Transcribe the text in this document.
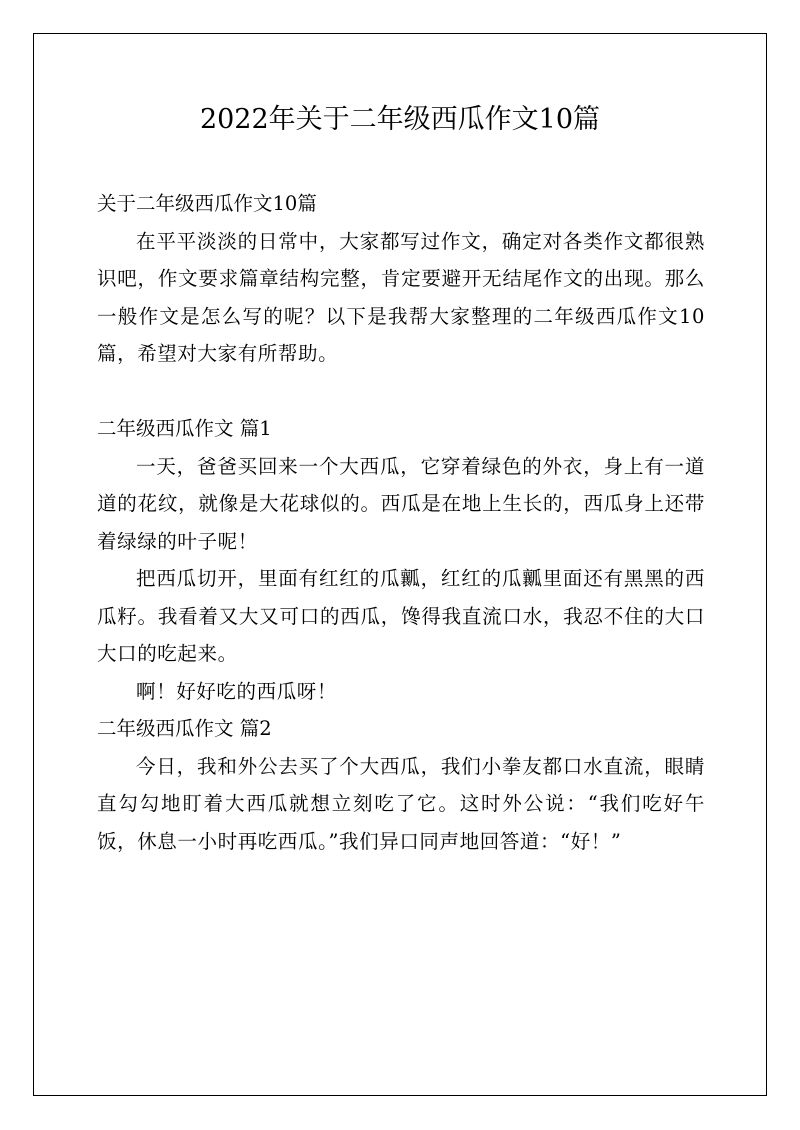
2022年关于二年级西瓜作文10篇
关于二年级西瓜作文10篇

在平平淡淡的日常中，大家都写过作文，确定对各类作文都很熟识吧，作文要求篇章结构完整，肯定要避开无结尾作文的出现。那么一般作文是怎么写的呢？以下是我帮大家整理的二年级西瓜作文10篇，希望对大家有所帮助。

二年级西瓜作文 篇1

一天，爸爸买回来一个大西瓜，它穿着绿色的外衣，身上有一道道的花纹，就像是大花球似的。西瓜是在地上生长的，西瓜身上还带着绿绿的叶子呢！

把西瓜切开，里面有红红的瓜瓤，红红的瓜瓤里面还有黑黑的西瓜籽。我看着又大又可口的西瓜，馋得我直流口水，我忍不住的大口大口的吃起来。

啊！好好吃的西瓜呀！

二年级西瓜作文 篇2

今日，我和外公去买了个大西瓜，我们小拳友都口水直流，眼睛直勾勾地盯着大西瓜就想立刻吃了它。这时外公说：“我们吃好午饭，休息一小时再吃西瓜。”我们异口同声地回答道：“好！”
